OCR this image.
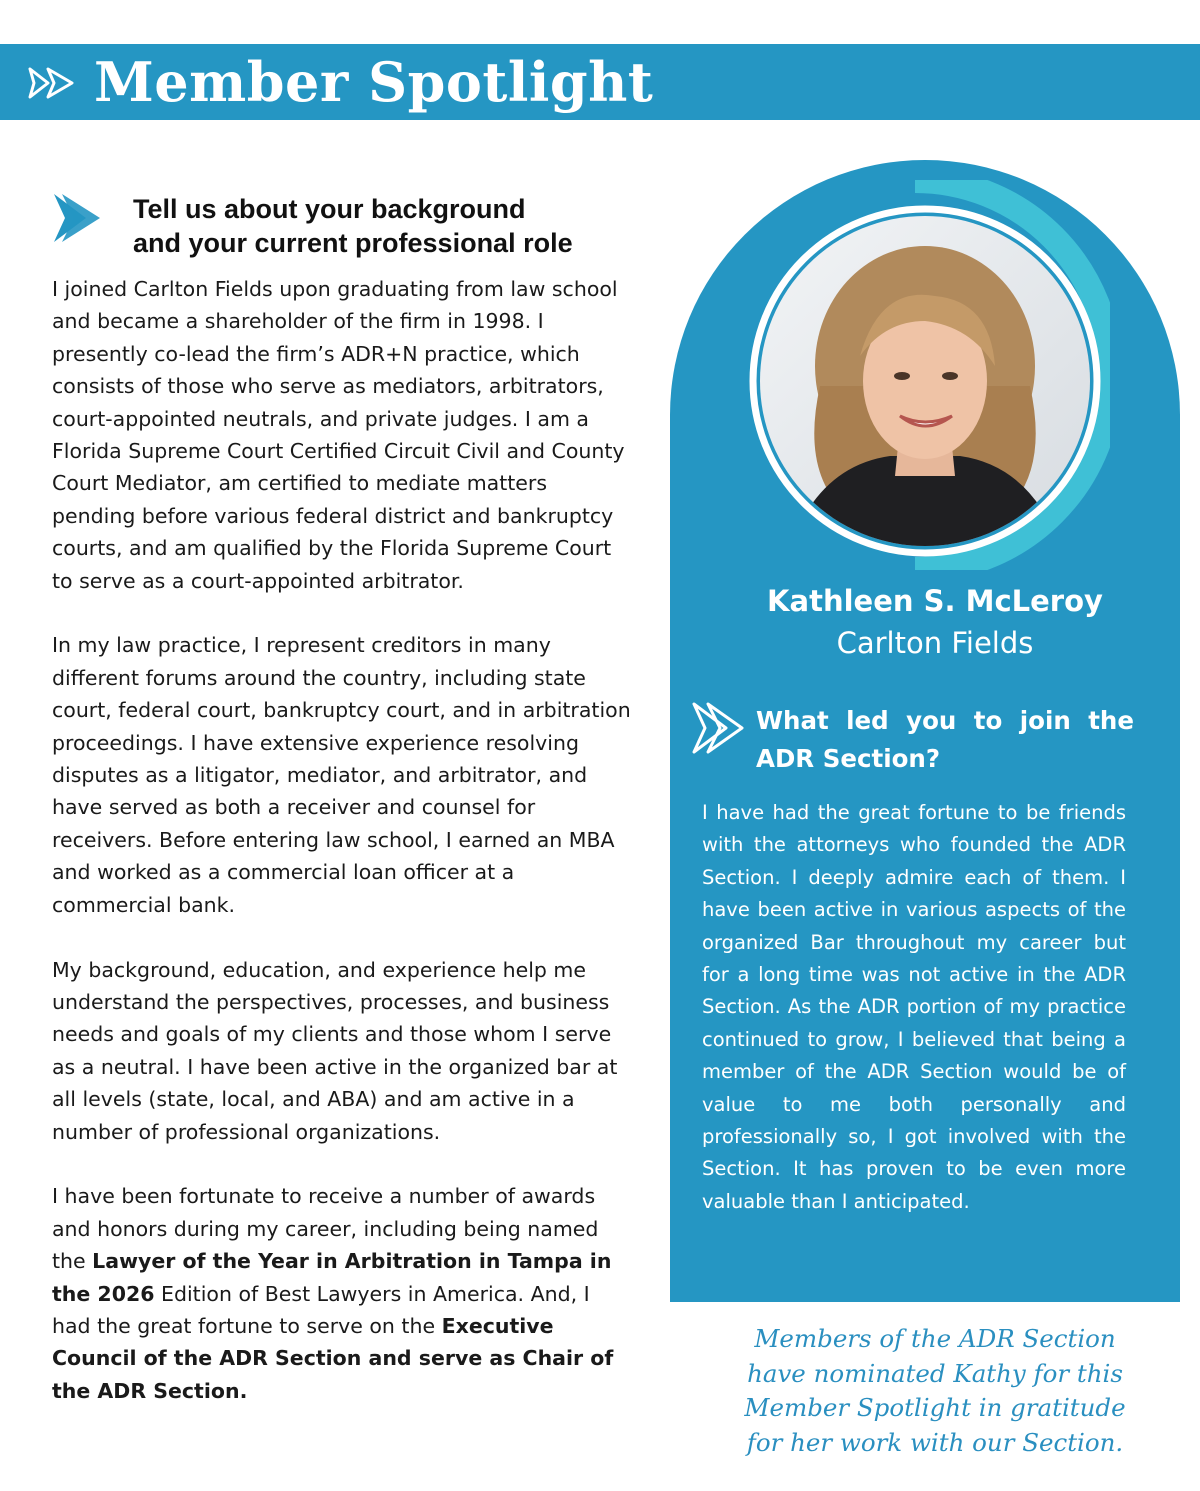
Member Spotlight
Tell us about your background
and your current professional role

I joined Carlton Fields upon graduating from law school and became a shareholder of the firm in 1998. I presently co-lead the firm’s ADR+N practice, which consists of those who serve as mediators, arbitrators, court-appointed neutrals, and private judges. I am a Florida Supreme Court Certified Circuit Civil and County Court Mediator, am certified to mediate matters pending before various federal district and bankruptcy courts, and am qualified by the Florida Supreme Court to serve as a court-appointed arbitrator.

In my law practice, I represent creditors in many different forums around the country, including state court, federal court, bankruptcy court, and in arbitration proceedings. I have extensive experience resolving disputes as a litigator, mediator, and arbitrator, and have served as both a receiver and counsel for receivers. Before entering law school, I earned an MBA and worked as a commercial loan officer at a commercial bank.

My background, education, and experience help me understand the perspectives, processes, and business needs and goals of my clients and those whom I serve as a neutral. I have been active in the organized bar at all levels (state, local, and ABA) and am active in a number of professional organizations.

I have been fortunate to receive a number of awards and honors during my career, including being named the Lawyer of the Year in Arbitration in Tampa in the 2026 Edition of Best Lawyers in America. And, I had the great fortune to serve on the Executive Council of the ADR Section and serve as Chair of the ADR Section.

Kathleen S. McLeroy
Carlton Fields
What led you to join the ADR Section?
I have had the great fortune to be friends with the attorneys who founded the ADR Section. I deeply admire each of them. I have been active in various aspects of the organized Bar throughout my career but for a long time was not active in the ADR Section. As the ADR portion of my practice continued to grow, I believed that being a member of the ADR Section would be of value to me both personally and professionally so, I got involved with the Section. It has proven to be even more valuable than I anticipated.
Members of the ADR Section
have nominated Kathy for this
Member Spotlight in gratitude
for her work with our Section.
